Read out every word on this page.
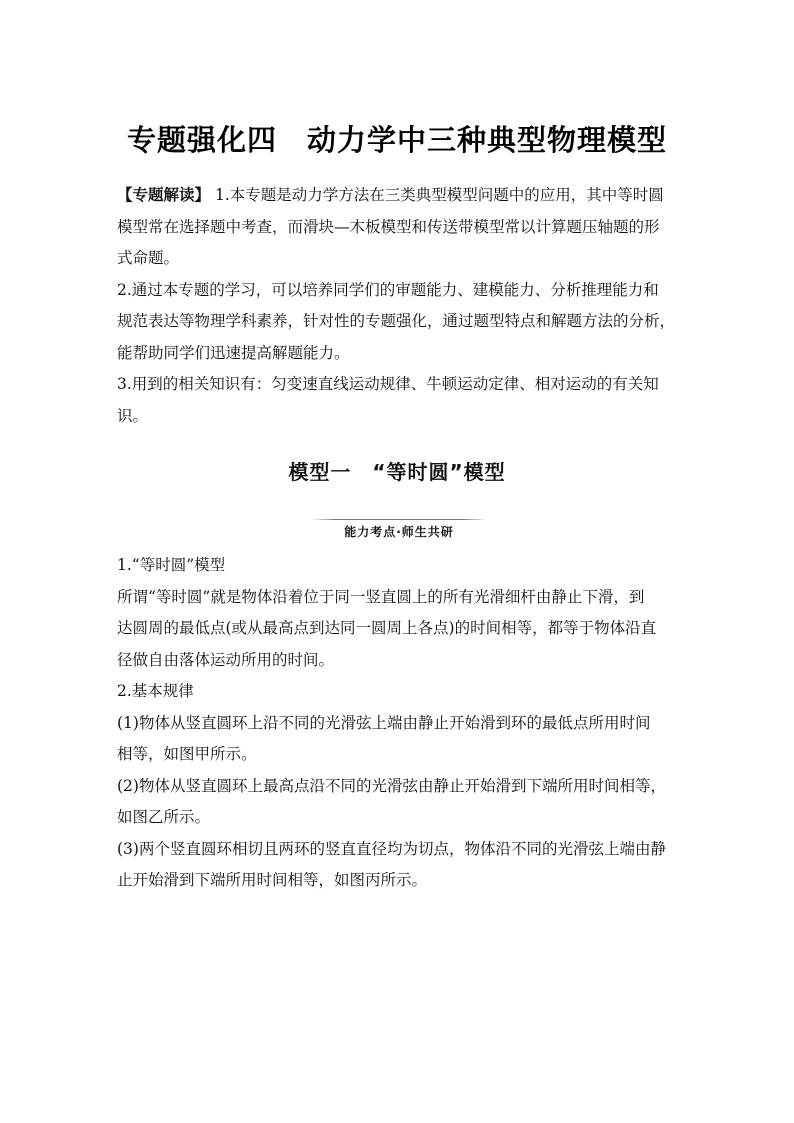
专题强化四　动力学中三种典型物理模型

【专题解读】 1.本专题是动力学方法在三类典型模型问题中的应用，其中等时圆
模型常在选择题中考查，而滑块—木板模型和传送带模型常以计算题压轴题的形
式命题。

2.通过本专题的学习，可以培养同学们的审题能力、建模能力、分析推理能力和
规范表达等物理学科素养，针对性的专题强化，通过题型特点和解题方法的分析，
能帮助同学们迅速提高解题能力。

3.用到的相关知识有：匀变速直线运动规律、牛顿运动定律、相对运动的有关知
识。

模型一　“等时圆”模型
能力考点·师生共研

1.“等时圆”模型

所谓“等时圆”就是物体沿着位于同一竖直圆上的所有光滑细杆由静止下滑，到
达圆周的最低点(或从最高点到达同一圆周上各点)的时间相等，都等于物体沿直
径做自由落体运动所用的时间。

2.基本规律

(1)物体从竖直圆环上沿不同的光滑弦上端由静止开始滑到环的最低点所用时间
相等，如图甲所示。

(2)物体从竖直圆环上最高点沿不同的光滑弦由静止开始滑到下端所用时间相等，
如图乙所示。

(3)两个竖直圆环相切且两环的竖直直径均为切点，物体沿不同的光滑弦上端由静
止开始滑到下端所用时间相等，如图丙所示。
